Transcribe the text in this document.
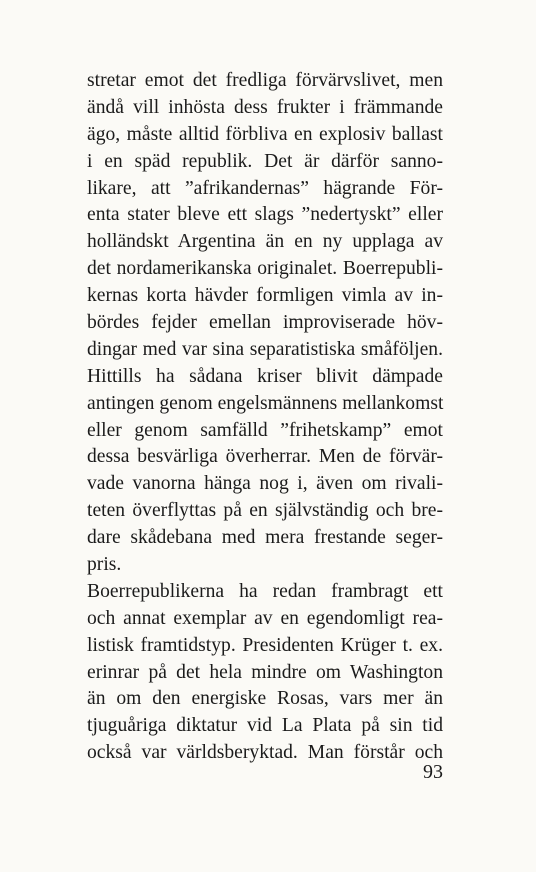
stretar emot det fredliga förvärvslivet, men
ändå vill inhösta dess frukter i främmande
ägo, måste alltid förbliva en explosiv ballast
i en späd republik. Det är därför sanno-
likare, att ”afrikandernas” hägrande För-
enta stater bleve ett slags ”nedertyskt” eller
holländskt Argentina än en ny upplaga av
det nordamerikanska originalet. Boerrepubli-
kernas korta hävder formligen vimla av in-
bördes fejder emellan improviserade höv-
dingar med var sina separatistiska småföljen.
Hittills ha sådana kriser blivit dämpade
antingen genom engelsmännens mellankomst
eller genom samfälld ”frihetskamp” emot
dessa besvärliga överherrar. Men de förvär-
vade vanorna hänga nog i, även om rivali-
teten överflyttas på en självständig och bre-
dare skådebana med mera frestande seger-
pris.
Boerrepublikerna ha redan frambragt ett
och annat exemplar av en egendomligt rea-
listisk framtidstyp. Presidenten Krüger t. ex.
erinrar på det hela mindre om Washington
än om den energiske Rosas, vars mer än
tjuguåriga diktatur vid La Plata på sin tid
också var världsberyktad. Man förstår och
93
